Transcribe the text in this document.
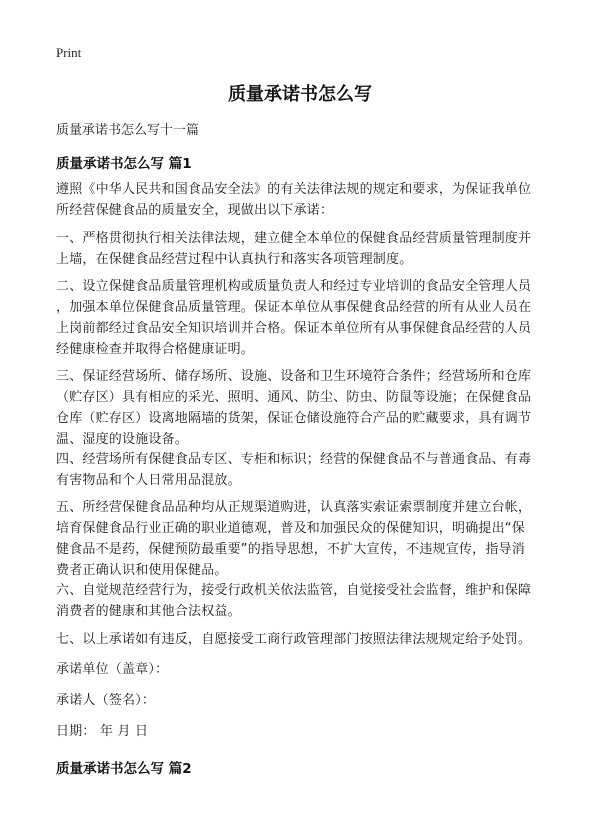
Print
质量承诺书怎么写
质量承诺书怎么写十一篇
质量承诺书怎么写 篇1

遵照《中华人民共和国食品安全法》的有关法律法规的规定和要求，为保证我单位
所经营保健食品的质量安全，现做出以下承诺：

一、严格贯彻执行相关法律法规，建立健全本单位的保健食品经营质量管理制度并
上墙，在保健食品经营过程中认真执行和落实各项管理制度。

二、设立保健食品质量管理机构或质量负责人和经过专业培训的食品安全管理人员
，加强本单位保健食品质量管理。保证本单位从事保健食品经营的所有从业人员在
上岗前都经过食品安全知识培训并合格。保证本单位所有从事保健食品经营的人员
经健康检查并取得合格健康证明。

三、保证经营场所、储存场所、设施、设备和卫生环境符合条件；经营场所和仓库
（贮存区）具有相应的采光、照明、通风、防尘、防虫、防鼠等设施；在保健食品
仓库（贮存区）设离地隔墙的货架，保证仓储设施符合产品的贮藏要求，具有调节
温、湿度的设施设备。

四、经营场所有保健食品专区、专柜和标识；经营的保健食品不与普通食品、有毒
有害物品和个人日常用品混放。

五、所经营保健食品品种均从正规渠道购进，认真落实索证索票制度并建立台帐，
培育保健食品行业正确的职业道德观，普及和加强民众的保健知识，明确提出“保
健食品不是药，保健预防最重要”的指导思想，不扩大宣传，不违规宣传，指导消
费者正确认识和使用保健品。

六、自觉规范经营行为，接受行政机关依法监管，自觉接受社会监督，维护和保障
消费者的健康和其他合法权益。

七、以上承诺如有违反，自愿接受工商行政管理部门按照法律法规规定给予处罚。

承诺单位（盖章）：

承诺人（签名）：

日期： 年 月 日

质量承诺书怎么写 篇2
